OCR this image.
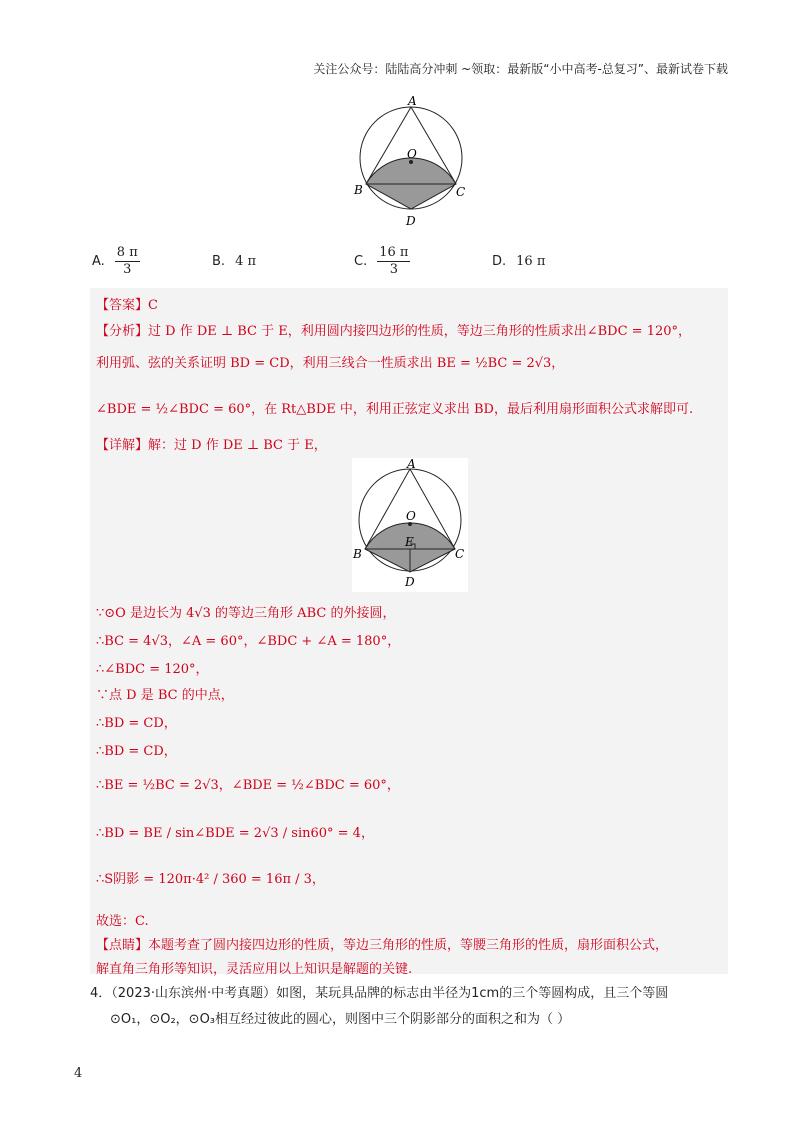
关注公众号：陆陆高分冲刺 ~领取：最新版“小中高考-总复习”、最新试卷下载
A
O
B	C
D
A. $\frac{8 \pi}{3}$	B. 4 π	C. $\frac{16 \pi}{3}$	D. 16 π
【答案】C
【分析】过 D 作 DE ⊥ BC 于 E，利用圆内接四边形的性质，等边三角形的性质求出∠BDC = 120°，
利用弧、弦的关系证明 BD = CD，利用三线合一性质求出 BE = ½BC = 2√3，
∠BDE = ½∠BDC = 60°，在 Rt△BDE 中，利用正弦定义求出 BD，最后利用扇形面积公式求解即可.
【详解】解：过 D 作 DE ⊥ BC 于 E，
A
O
E
B	C
D
∵⊙O 是边长为 4√3 的等边三角形 ABC 的外接圆，
∴BC = 4√3，∠A = 60°，∠BDC + ∠A = 180°，
∴∠BDC = 120°，
∵点 D 是 BC 的中点，
∴BD = CD，
∴BD = CD，
∴BE = ½BC = 2√3，∠BDE = ½∠BDC = 60°，
∴BD = BE / sin∠BDE = 2√3 / sin60° = 4，
∴S阴影 = 120π·4² / 360 = 16π / 3，
故选：C.
【点睛】本题考查了圆内接四边形的性质，等边三角形的性质，等腰三角形的性质，扇形面积公式，
解直角三角形等知识，灵活应用以上知识是解题的关键.
4．（2023·山东滨州·中考真题）如图，某玩具品牌的标志由半径为1cm的三个等圆构成，且三个等圆
⊙O₁，⊙O₂，⊙O₃相互经过彼此的圆心，则图中三个阴影部分的面积之和为（ ）
4
